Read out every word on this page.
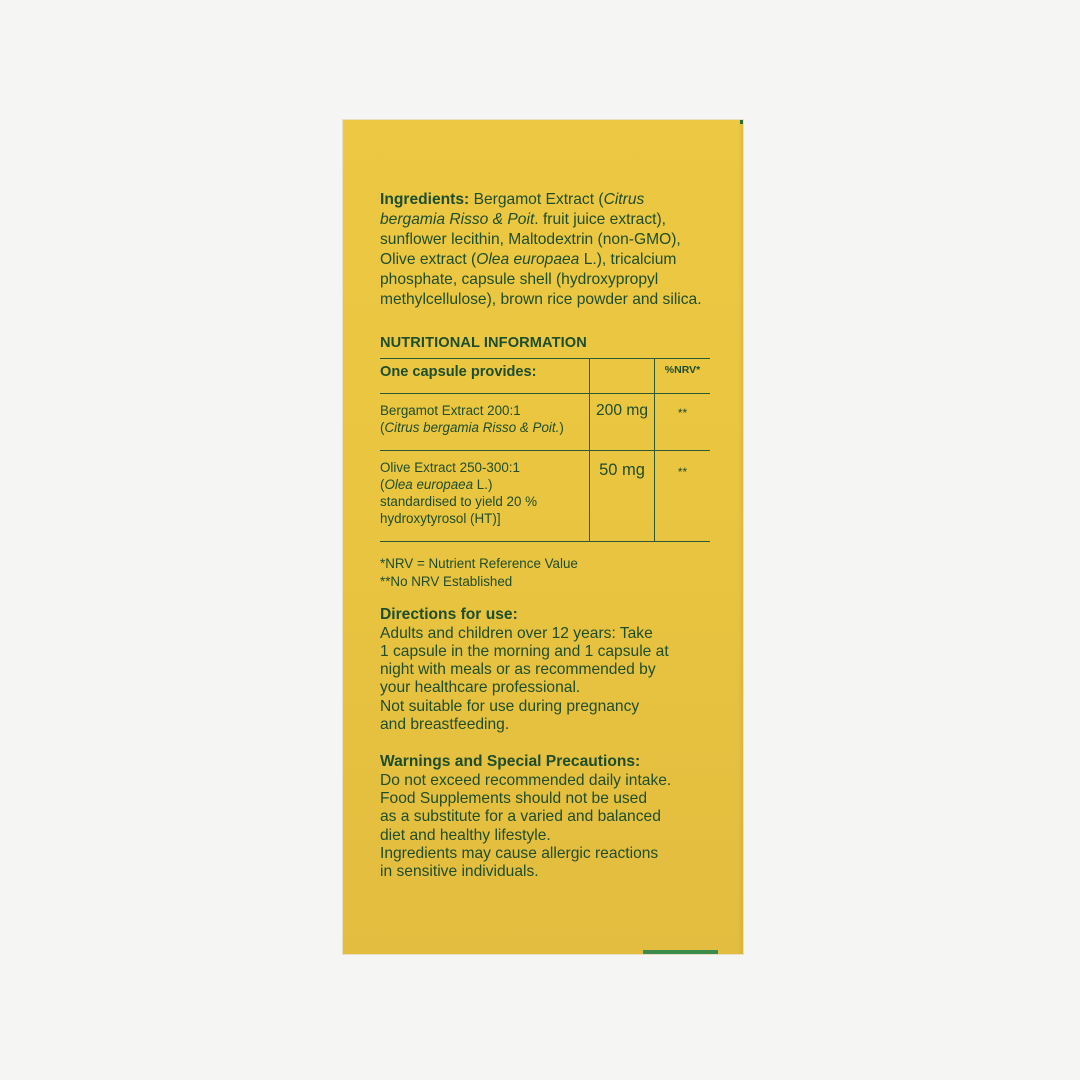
Ingredients: Bergamot Extract (Citrus bergamia Risso & Poit. fruit juice extract), sunflower lecithin, Maltodextrin (non-GMO), Olive extract (Olea europaea L.), tricalcium phosphate, capsule shell (hydroxypropyl methylcellulose), brown rice powder and silica.

NUTRITIONAL INFORMATION
One capsule provides:		%NRV*

Bergamot Extract 200:1
(Citrus bergamia Risso & Poit.)	200 mg	**

Olive Extract 250-300:1
(Olea europaea L.)
standardised to yield 20 %
hydroxytyrosol (HT)]	50 mg	**
*NRV = Nutrient Reference Value
**No NRV Established
Directions for use:
Adults and children over 12 years: Take
1 capsule in the morning and 1 capsule at
night with meals or as recommended by
your healthcare professional.
Not suitable for use during pregnancy
and breastfeeding.
Warnings and Special Precautions:
Do not exceed recommended daily intake.
Food Supplements should not be used
as a substitute for a varied and balanced
diet and healthy lifestyle.
Ingredients may cause allergic reactions
in sensitive individuals.
